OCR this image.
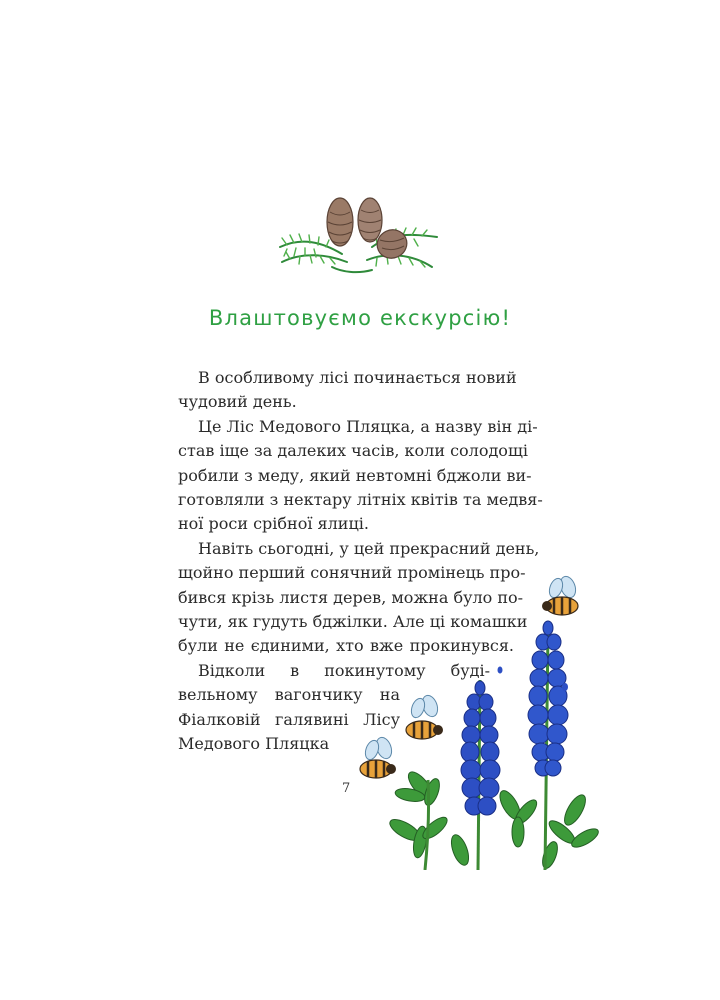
Влаштовуємо екскурсію!
В особливому лісі починається новий
чудовий день.
Це Ліс Медового Пляцка, а назву він ді-
став іще за далеких часів, коли солодощі
робили з меду, який невтомні бджоли ви-
готовляли з нектару літніх квітів та медвя-
ної роси срібної ялиці.
Навіть сьогодні, у цей прекрасний день,
щойно перший сонячний промінець про-
бився крізь листя дерев, можна було по-
чути, як гудуть бджілки. Але ці комашки
були не єдиними, хто вже прокинувся.
Відколи в покинутому буді-
вельному вагончику на
Фіалковій галявині Лісу
Медового Пляцка
7
